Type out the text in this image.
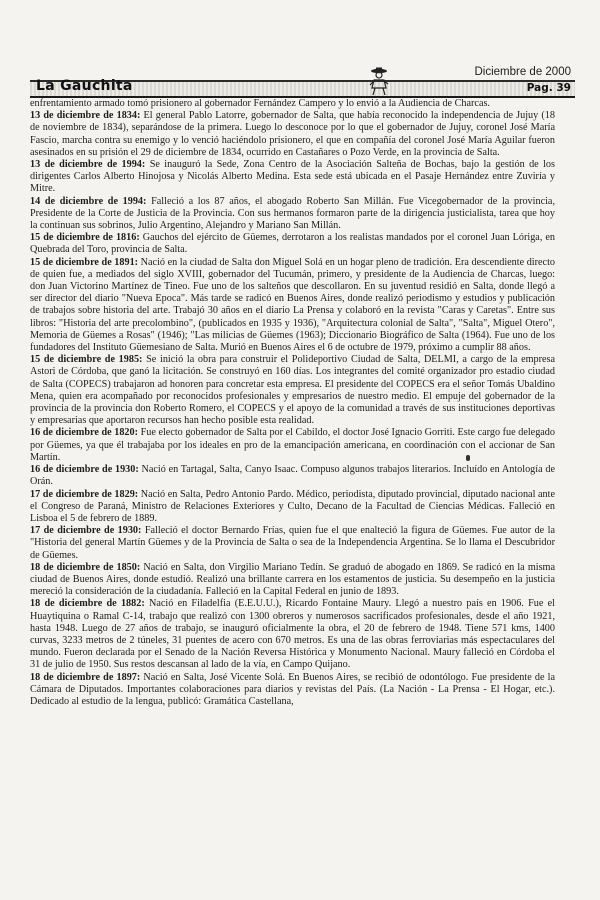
La Gauchita
Diciembre de 2000
Pag. 39

enfrentamiento armado tomó prisionero al gobernador Fernández Campero y lo envió a la Audiencia de Charcas.

13 de diciembre de 1834: El general Pablo Latorre, gobernador de Salta, que había reconocido la independencia de Jujuy (18 de noviembre de 1834), separándose de la primera. Luego lo desconoce por lo que el gobernador de Jujuy, coronel José María Fascio, marcha contra su enemigo y lo venció haciéndolo prisionero, el que en compañía del coronel José María Aguilar fueron asesinados en su prisión el 29 de diciembre de 1834, ocurrido en Castañares o Pozo Verde, en la provincia de Salta.

13 de diciembre de 1994: Se inauguró la Sede, Zona Centro de la Asociación Salteña de Bochas, bajo la gestión de los dirigentes Carlos Alberto Hinojosa y Nicolás Alberto Medina. Esta sede está ubicada en el Pasaje Hernández entre Zuviría y Mitre.

14 de diciembre de 1994: Falleció a los 87 años, el abogado Roberto San Millán. Fue Vicegobernador de la provincia, Presidente de la Corte de Justicia de la Provincia. Con sus hermanos formaron parte de la dirigencia justicialista, tarea que hoy la continuan sus sobrinos, Julio Argentino, Alejandro y Mariano San Millán.

15 de diciembre de 1816: Gauchos del ejército de Güemes, derrotaron a los realistas mandados por el coronel Juan Lóriga, en Quebrada del Toro, provincia de Salta.

15 de diciembre de 1891: Nació en la ciudad de Salta don Miguel Solá en un hogar pleno de tradición. Era descendiente directo de quien fue, a mediados del siglo XVIII, gobernador del Tucumán, primero, y presidente de la Audiencia de Charcas, luego: don Juan Victorino Martínez de Tineo. Fue uno de los salteños que descollaron. En su juventud residió en Salta, donde llegó a ser director del diario "Nueva Epoca". Más tarde se radicó en Buenos Aires, donde realizó periodismo y estudios y publicación de trabajos sobre historia del arte. Trabajó 30 años en el diario La Prensa y colaboró en la revista "Caras y Caretas". Entre sus libros: "Historia del arte precolombino", (publicados en 1935 y 1936), "Arquitectura colonial de Salta", "Salta", Miguel Otero", Memoria de Güemes a Rosas" (1946); "Las milicias de Güemes (1963); Diccionario Biográfico de Salta (1964). Fue uno de los fundadores del Instituto Güemesiano de Salta. Murió en Buenos Aires el 6 de octubre de 1979, próximo a cumplir 88 años.

15 de diciembre de 1985: Se inició la obra para construir el Polideportivo Ciudad de Salta, DELMI, a cargo de la empresa Astori de Córdoba, que ganó la licitación. Se construyó en 160 días. Los integrantes del comité organizador pro estadio ciudad de Salta (COPECS) trabajaron ad honoren para concretar esta empresa. El presidente del COPECS era el señor Tomás Ubaldino Mena, quien era acompañado por reconocidos profesionales y empresarios de nuestro medio. El empuje del gobernador de la provincia de la provincia don Roberto Romero, el COPECS y el apoyo de la comunidad a través de sus instituciones deportivas y empresarias que aportaron recursos han hecho posible esta realidad.

16 de diciembre de 1820: Fue electo gobernador de Salta por el Cabildo, el doctor José Ignacio Gorriti. Este cargo fue delegado por Güemes, ya que él trabajaba por los ideales en pro de la emancipación americana, en coordinación con el accionar de San Martín.

16 de diciembre de 1930: Nació en Tartagal, Salta, Canyo Isaac. Compuso algunos trabajos literarios. Incluído en Antología de Orán.

17 de diciembre de 1829: Nació en Salta, Pedro Antonio Pardo. Médico, periodista, diputado provincial, diputado nacional ante el Congreso de Paraná, Ministro de Relaciones Exteriores y Culto, Decano de la Facultad de Ciencias Médicas. Falleció en Lisboa el 5 de febrero de 1889.

17 de diciembre de 1930: Falleció el doctor Bernardo Frías, quien fue el que enalteció la figura de Güemes. Fue autor de la "Historia del general Martín Güemes y de la Provincia de Salta o sea de la Independencia Argentina. Se lo llama el Descubridor de Güemes.

18 de diciembre de 1850: Nació en Salta, don Virgilio Mariano Tedín. Se graduó de abogado en 1869. Se radicó en la misma ciudad de Buenos Aires, donde estudió. Realizó una brillante carrera en los estamentos de justicia. Su desempeño en la justicia mereció la consideración de la ciudadanía. Falleció en la Capital Federal en junio de 1893.

18 de diciembre de 1882: Nació en Filadelfia (E.E.U.U.), Ricardo Fontaine Maury. Llegó a nuestro país en 1906. Fue el Huaytiquina o Ramal C-14, trabajo que realizó con 1300 obreros y numerosos sacrificados profesionales, desde el año 1921, hasta 1948. Luego de 27 años de trabajo, se inauguró oficialmente la obra, el 20 de febrero de 1948. Tiene 571 kms, 1400 curvas, 3233 metros de 2 túneles, 31 puentes de acero con 670 metros. Es una de las obras ferroviarias más espectaculares del mundo. Fueron declarada por el Senado de la Nación Reversa Histórica y Monumento Nacional. Maury falleció en Córdoba el 31 de julio de 1950. Sus restos descansan al lado de la vía, en Campo Quijano.

18 de diciembre de 1897: Nació en Salta, José Vicente Solá. En Buenos Aires, se recibió de odontólogo. Fue presidente de la Cámara de Diputados. Importantes colaboraciones para diarios y revistas del País. (La Nación - La Prensa - El Hogar, etc.). Dedicado al estudio de la lengua, publicó: Gramática Castellana,
